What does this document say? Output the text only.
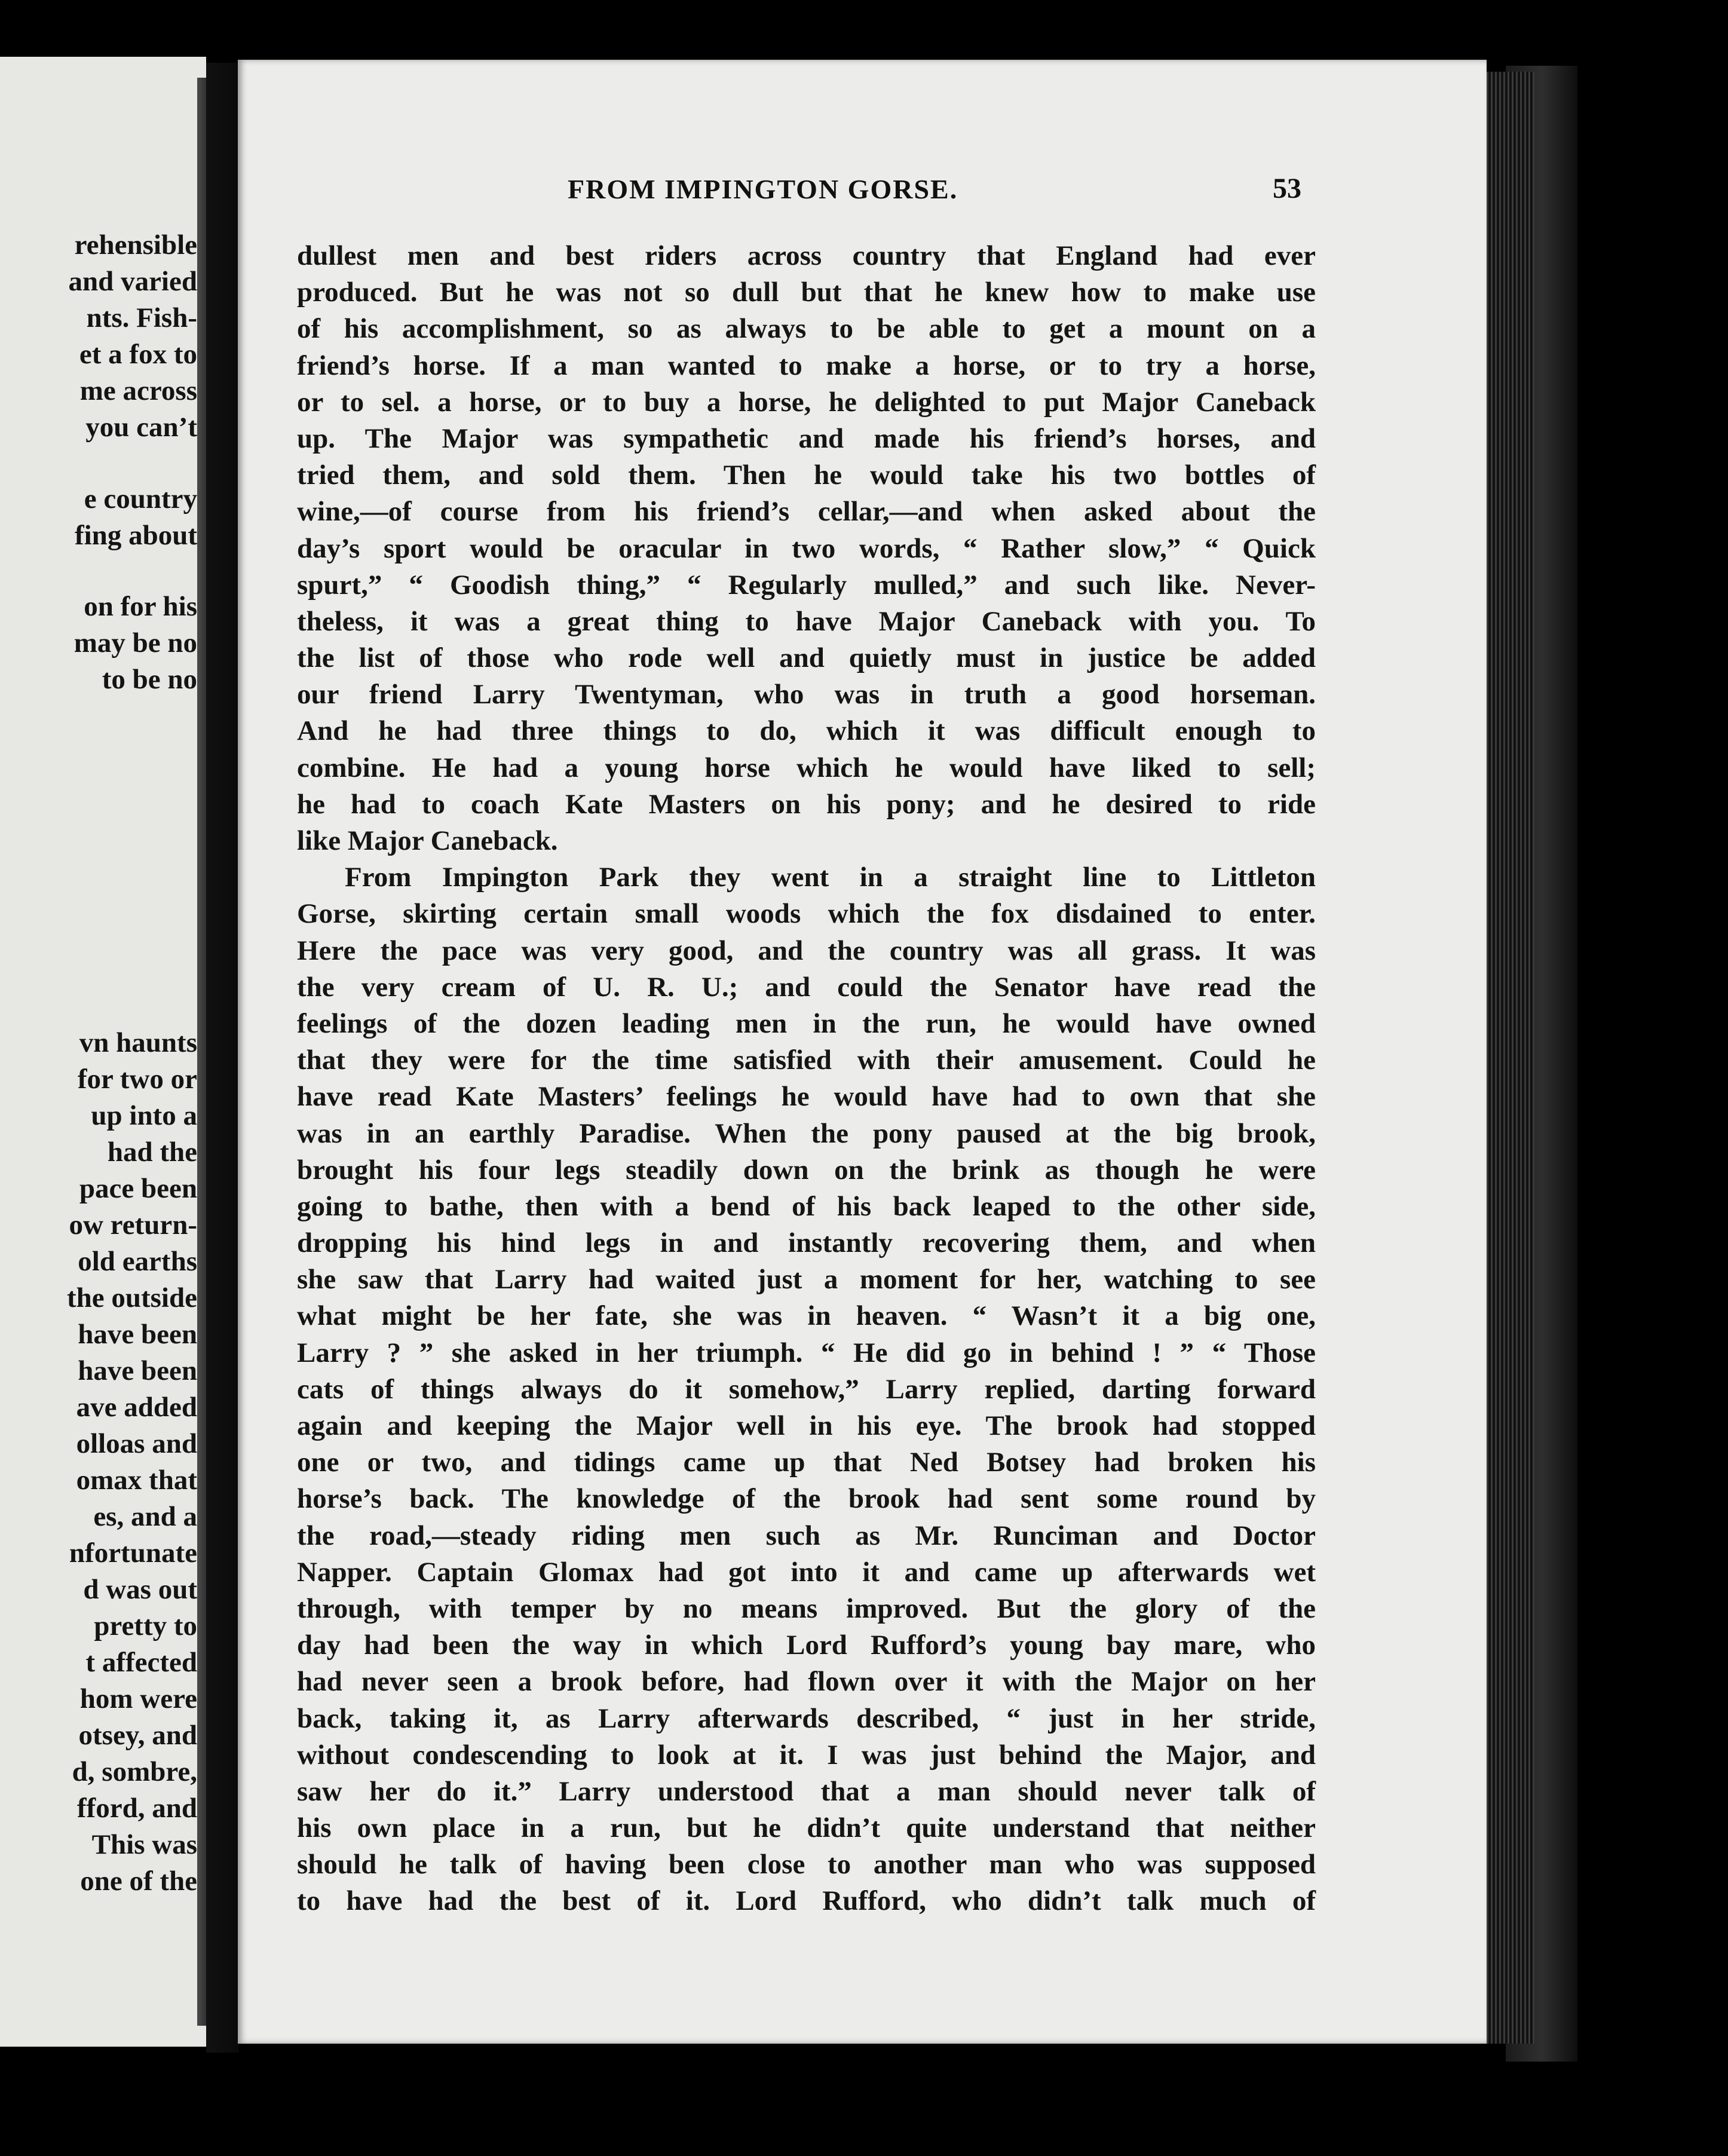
rehensible
and varied
nts. Fish-
et a fox to
me across
you can’t
e country
fing about
on for his
may be no
to be no
vn haunts
for two or
up into a
had the
pace been
ow return-
old earths
the outside
have been
have been
ave added
olloas and
omax that
es, and a
nfortunate
d was out
pretty to
t affected
hom were
otsey, and
d, sombre,
fford, and
This was
one of the
FROM IMPINGTON GORSE.	53
dullest men and best riders across country that England had ever
produced. But he was not so dull but that he knew how to make use
of his accomplishment, so as always to be able to get a mount on a
friend’s horse. If a man wanted to make a horse, or to try a horse,
or to sel. a horse, or to buy a horse, he delighted to put Major Caneback
up. The Major was sympathetic and made his friend’s horses, and
tried them, and sold them. Then he would take his two bottles of
wine,—of course from his friend’s cellar,—and when asked about the
day’s sport would be oracular in two words, “ Rather slow,” “ Quick
spurt,” “ Goodish thing,” “ Regularly mulled,” and such like. Never-
theless, it was a great thing to have Major Caneback with you. To
the list of those who rode well and quietly must in justice be added
our friend Larry Twentyman, who was in truth a good horseman.
And he had three things to do, which it was difficult enough to
combine. He had a young horse which he would have liked to sell;
he had to coach Kate Masters on his pony; and he desired to ride
like Major Caneback.
From Impington Park they went in a straight line to Littleton
Gorse, skirting certain small woods which the fox disdained to enter.
Here the pace was very good, and the country was all grass. It was
the very cream of U. R. U.; and could the Senator have read the
feelings of the dozen leading men in the run, he would have owned
that they were for the time satisfied with their amusement. Could he
have read Kate Masters’ feelings he would have had to own that she
was in an earthly Paradise. When the pony paused at the big brook,
brought his four legs steadily down on the brink as though he were
going to bathe, then with a bend of his back leaped to the other side,
dropping his hind legs in and instantly recovering them, and when
she saw that Larry had waited just a moment for her, watching to see
what might be her fate, she was in heaven. “ Wasn’t it a big one,
Larry ? ” she asked in her triumph. “ He did go in behind ! ” “ Those
cats of things always do it somehow,” Larry replied, darting forward
again and keeping the Major well in his eye. The brook had stopped
one or two, and tidings came up that Ned Botsey had broken his
horse’s back. The knowledge of the brook had sent some round by
the road,—steady riding men such as Mr. Runciman and Doctor
Napper. Captain Glomax had got into it and came up afterwards wet
through, with temper by no means improved. But the glory of the
day had been the way in which Lord Rufford’s young bay mare, who
had never seen a brook before, had flown over it with the Major on her
back, taking it, as Larry afterwards described, “ just in her stride,
without condescending to look at it. I was just behind the Major, and
saw her do it.” Larry understood that a man should never talk of
his own place in a run, but he didn’t quite understand that neither
should he talk of having been close to another man who was supposed
to have had the best of it. Lord Rufford, who didn’t talk much of
